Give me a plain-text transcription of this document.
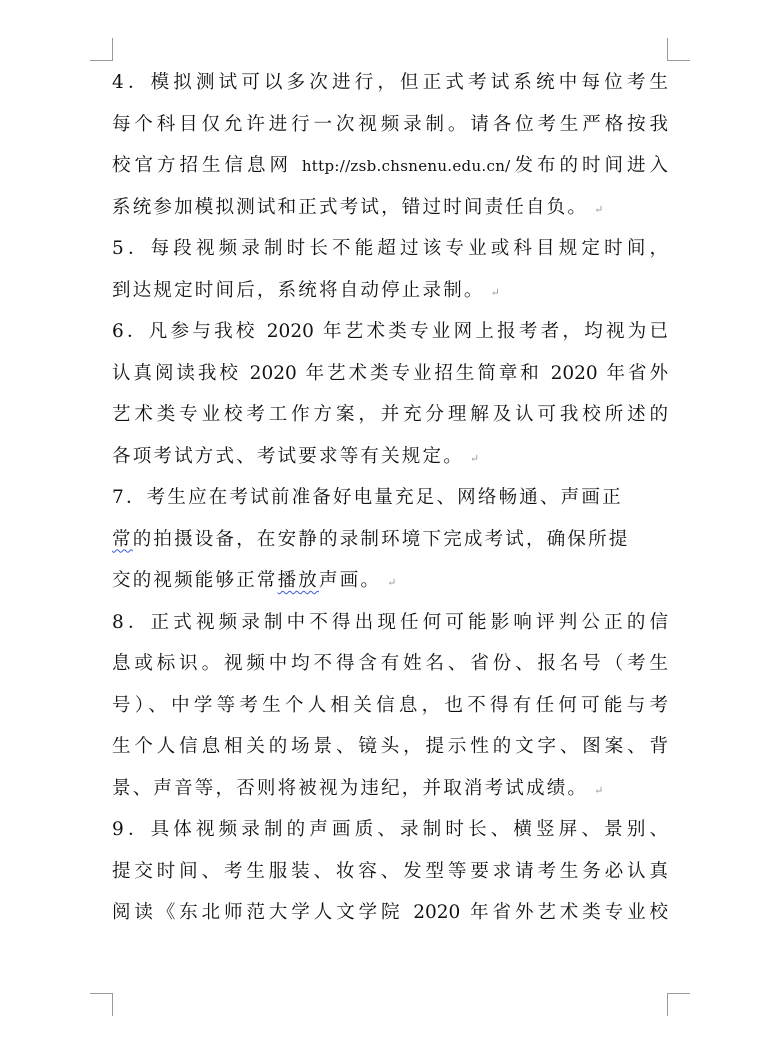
4．模拟测试可以多次进行，但正式考试系统中每位考生
每个科目仅允许进行一次视频录制。请各位考生严格按我
校官方招生信息网 http://zsb.chsnenu.edu.cn/发布的时间进入
系统参加模拟测试和正式考试，错过时间责任自负。 ↵
5．每段视频录制时长不能超过该专业或科目规定时间，
到达规定时间后，系统将自动停止录制。 ↵
6．凡参与我校 2020 年艺术类专业网上报考者，均视为已
认真阅读我校 2020 年艺术类专业招生简章和 2020 年省外
艺术类专业校考工作方案，并充分理解及认可我校所述的
各项考试方式、考试要求等有关规定。 ↵
7．考生应在考试前准备好电量充足、网络畅通、声画正
常的拍摄设备，在安静的录制环境下完成考试，确保所提
交的视频能够正常播放声画。 ↵
8．正式视频录制中不得出现任何可能影响评判公正的信
息或标识。视频中均不得含有姓名、省份、报名号（考生
号）、中学等考生个人相关信息，也不得有任何可能与考
生个人信息相关的场景、镜头，提示性的文字、图案、背
景、声音等，否则将被视为违纪，并取消考试成绩。 ↵
9．具体视频录制的声画质、录制时长、横竖屏、景别、
提交时间、考生服装、妆容、发型等要求请考生务必认真
阅读《东北师范大学人文学院 2020 年省外艺术类专业校
